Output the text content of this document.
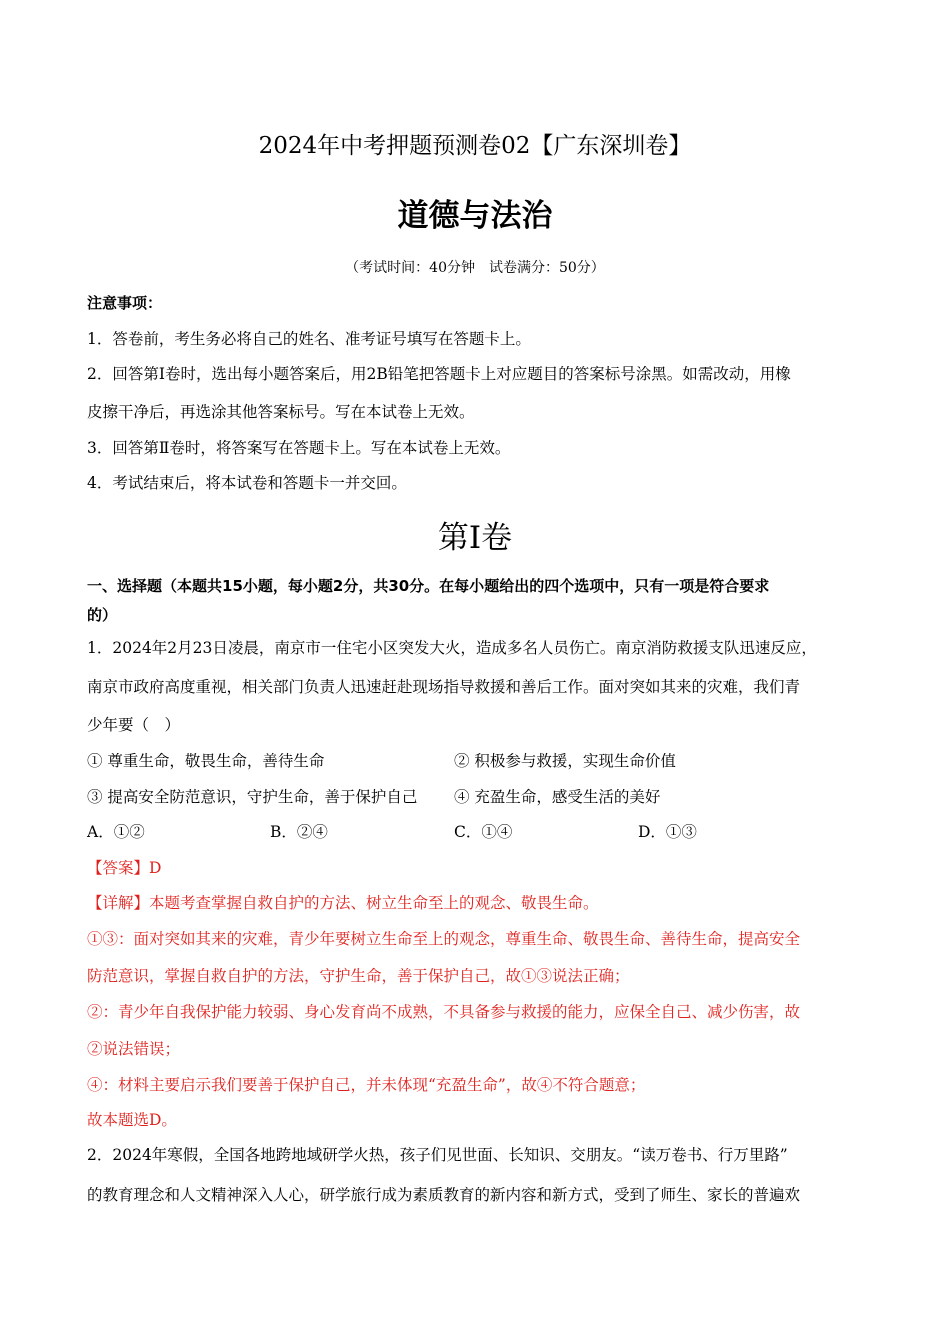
2024年中考押题预测卷02【广东深圳卷】
道德与法治
（考试时间：40分钟　试卷满分：50分）
注意事项：
1．答卷前，考生务必将自己的姓名、准考证号填写在答题卡上。
2．回答第Ⅰ卷时，选出每小题答案后，用2B铅笔把答题卡上对应题目的答案标号涂黑。如需改动，用橡
皮擦干净后，再选涂其他答案标号。写在本试卷上无效。
3．回答第Ⅱ卷时，将答案写在答题卡上。写在本试卷上无效。
4．考试结束后，将本试卷和答题卡一并交回。
第Ⅰ卷
一、选择题（本题共15小题，每小题2分，共30分。在每小题给出的四个选项中，只有一项是符合要求
的）
1．2024年2月23日凌晨，南京市一住宅小区突发大火，造成多名人员伤亡。南京消防救援支队迅速反应，
南京市政府高度重视，相关部门负责人迅速赶赴现场指导救援和善后工作。面对突如其来的灾难，我们青
少年要（　）
① 尊重生命，敬畏生命，善待生命	② 积极参与救援，实现生命价值
③ 提高安全防范意识，守护生命，善于保护自己 ④ 充盈生命，感受生活的美好
A．①②	B．②④	C．①④	D．①③
【答案】D
【详解】本题考查掌握自救自护的方法、树立生命至上的观念、敬畏生命。
①③：面对突如其来的灾难，青少年要树立生命至上的观念，尊重生命、敬畏生命、善待生命，提高安全
防范意识，掌握自救自护的方法，守护生命，善于保护自己，故①③说法正确；
②：青少年自我保护能力较弱、身心发育尚不成熟，不具备参与救援的能力，应保全自己、减少伤害，故
②说法错误；
④：材料主要启示我们要善于保护自己，并未体现“充盈生命”，故④不符合题意；
故本题选D。
2．2024年寒假，全国各地跨地域研学火热，孩子们见世面、长知识、交朋友。“读万卷书、行万里路”
的教育理念和人文精神深入人心，研学旅行成为素质教育的新内容和新方式，受到了师生、家长的普遍欢
